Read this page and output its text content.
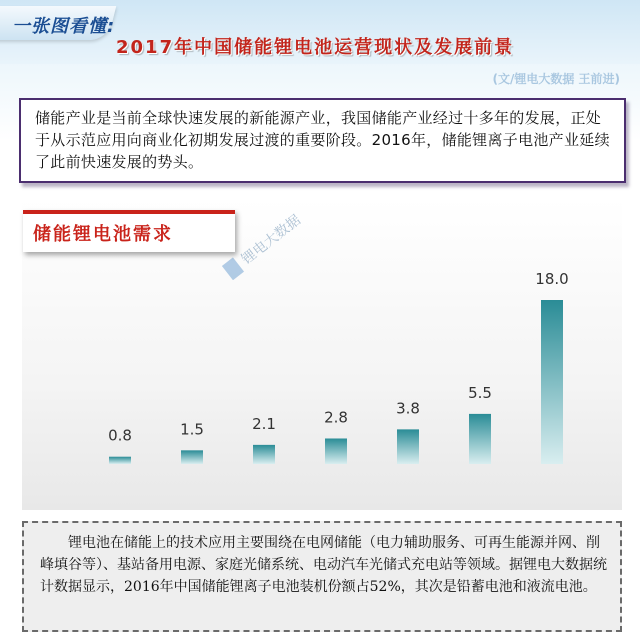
一张图看懂:
2017年中国储能锂电池运营现状及发展前景
(文/锂电大数据 王前进)

储能产业是当前全球快速发展的新能源产业，我国储能产业经过十多年的发展，正处于从示范应用向商业化初期发展过渡的重要阶段。2016年，储能锂离子电池产业延续了此前快速发展的势头。

锂电大数据
储能锂电池需求
0.8	1.5	2.1	2.8
3.8
5.5
18.0

锂电池在储能上的技术应用主要围绕在电网储能（电力辅助服务、可再生能源并网、削峰填谷等）、基站备用电源、家庭光储系统、电动汽车光储式充电站等领域。据锂电大数据统计数据显示，2016年中国储能锂离子电池装机份额占52%，其次是铅蓄电池和液流电池。
